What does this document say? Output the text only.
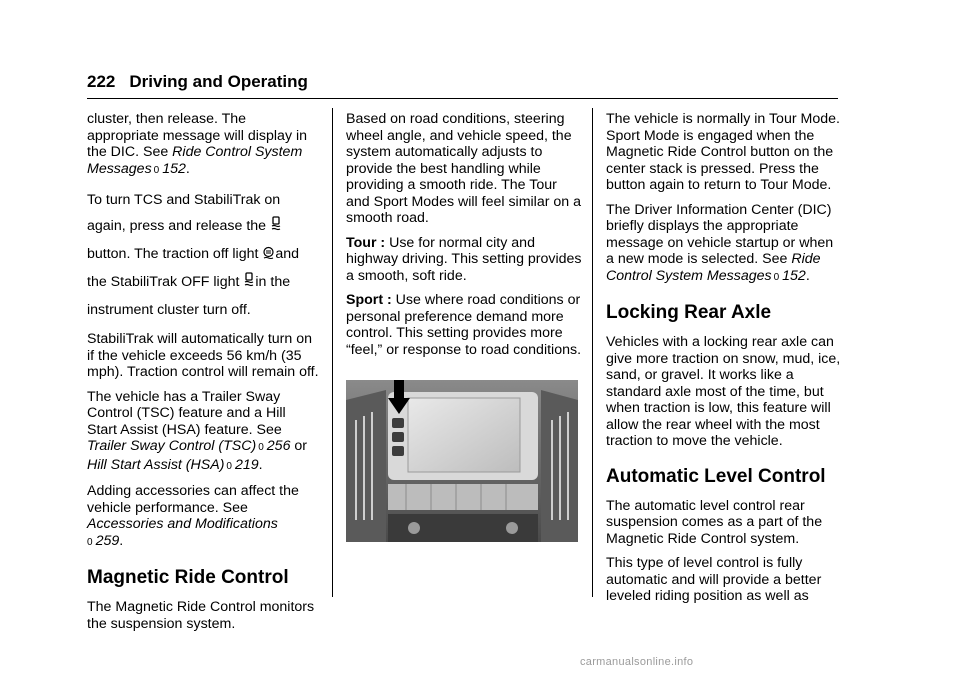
222 Driving and Operating

cluster, then release. The appropriate message will display in the DIC. See Ride Control System Messages 0 152.

To turn TCS and StabiliTrak on
again, press and release the
button. The traction off light and
the StabiliTrak OFF light in the
instrument cluster turn off.

StabiliTrak will automatically turn on if the vehicle exceeds 56 km/h (35 mph). Traction control will remain off.

The vehicle has a Trailer Sway Control (TSC) feature and a Hill Start Assist (HSA) feature. See Trailer Sway Control (TSC) 0 256 or Hill Start Assist (HSA) 0 219.

Adding accessories can affect the vehicle performance. See Accessories and Modifications
0 259.

Magnetic Ride Control

The Magnetic Ride Control monitors the suspension system.

Based on road conditions, steering wheel angle, and vehicle speed, the system automatically adjusts to provide the best handling while providing a smooth ride. The Tour and Sport Modes will feel similar on a smooth road.

Tour : Use for normal city and highway driving. This setting provides a smooth, soft ride.

Sport : Use where road conditions or personal preference demand more control. This setting provides more “feel,” or response to road conditions.

The vehicle is normally in Tour Mode. Sport Mode is engaged when the Magnetic Ride Control button on the center stack is pressed. Press the button again to return to Tour Mode.

The Driver Information Center (DIC) briefly displays the appropriate message on vehicle startup or when a new mode is selected. See Ride Control System Messages 0 152.

Locking Rear Axle

Vehicles with a locking rear axle can give more traction on snow, mud, ice, sand, or gravel. It works like a standard axle most of the time, but when traction is low, this feature will allow the rear wheel with the most traction to move the vehicle.

Automatic Level Control

The automatic level control rear suspension comes as a part of the Magnetic Ride Control system.

This type of level control is fully automatic and will provide a better leveled riding position as well as

carmanualsonline.info
